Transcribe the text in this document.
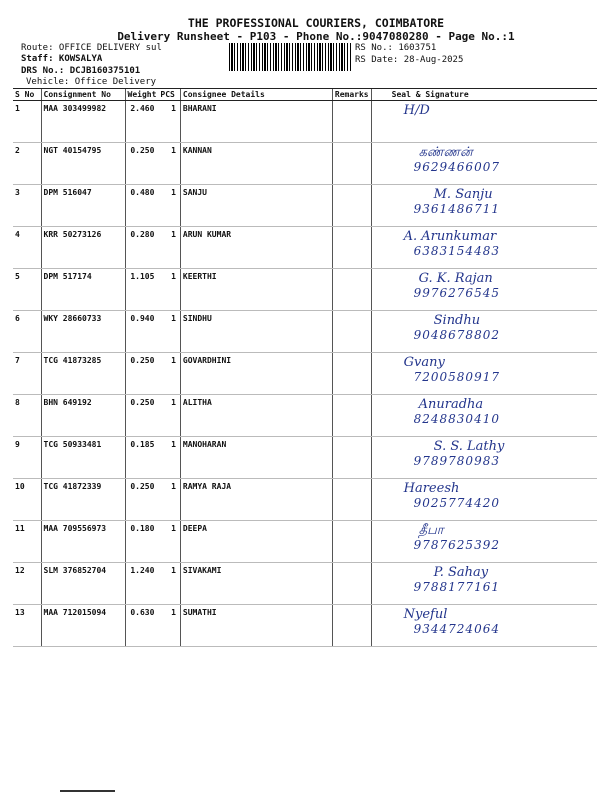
THE PROFESSIONAL COURIERS, COIMBATORE
Delivery Runsheet - P103 - Phone No.:9047080280 - Page No.:1
Route: OFFICE DELIVERY sul
Staff: KOWSALYA
DRS No.: DCJB160375101
Vehicle: Office Delivery
RS No.: 1603751
RS Date: 28-Aug-2025
S No	Consignment No	Weight	PCS	Consignee Details	Remarks	Seal & Signature
1	MAA 303499982	2.460	1	BHARANI		H/D

2	NGT 40154795	0.250	1	KANNAN		கண்ணன்
9629466007

3	DPM 516047	0.480	1	SANJU		M. Sanju
9361486711

4	KRR 50273126	0.280	1	ARUN KUMAR		A. Arunkumar
6383154483

5	DPM 517174	1.105	1	KEERTHI		G. K. Rajan
9976276545

6	WKY 28660733	0.940	1	SINDHU		Sindhu
9048678802

7	TCG 41873285	0.250	1	GOVARDHINI		Gvany
7200580917

8	BHN 649192	0.250	1	ALITHA		Anuradha
8248830410

9	TCG 50933481	0.185	1	MANOHARAN		S. S. Lathy
9789780983

10	TCG 41872339	0.250	1	RAMYA RAJA		Hareesh
9025774420

11	MAA 709556973	0.180	1	DEEPA		தீபா
9787625392

12	SLM 376852704	1.240	1	SIVAKAMI		P. Sahay
9788177161

13	MAA 712015094	0.630	1	SUMATHI		Nyeful
9344724064
